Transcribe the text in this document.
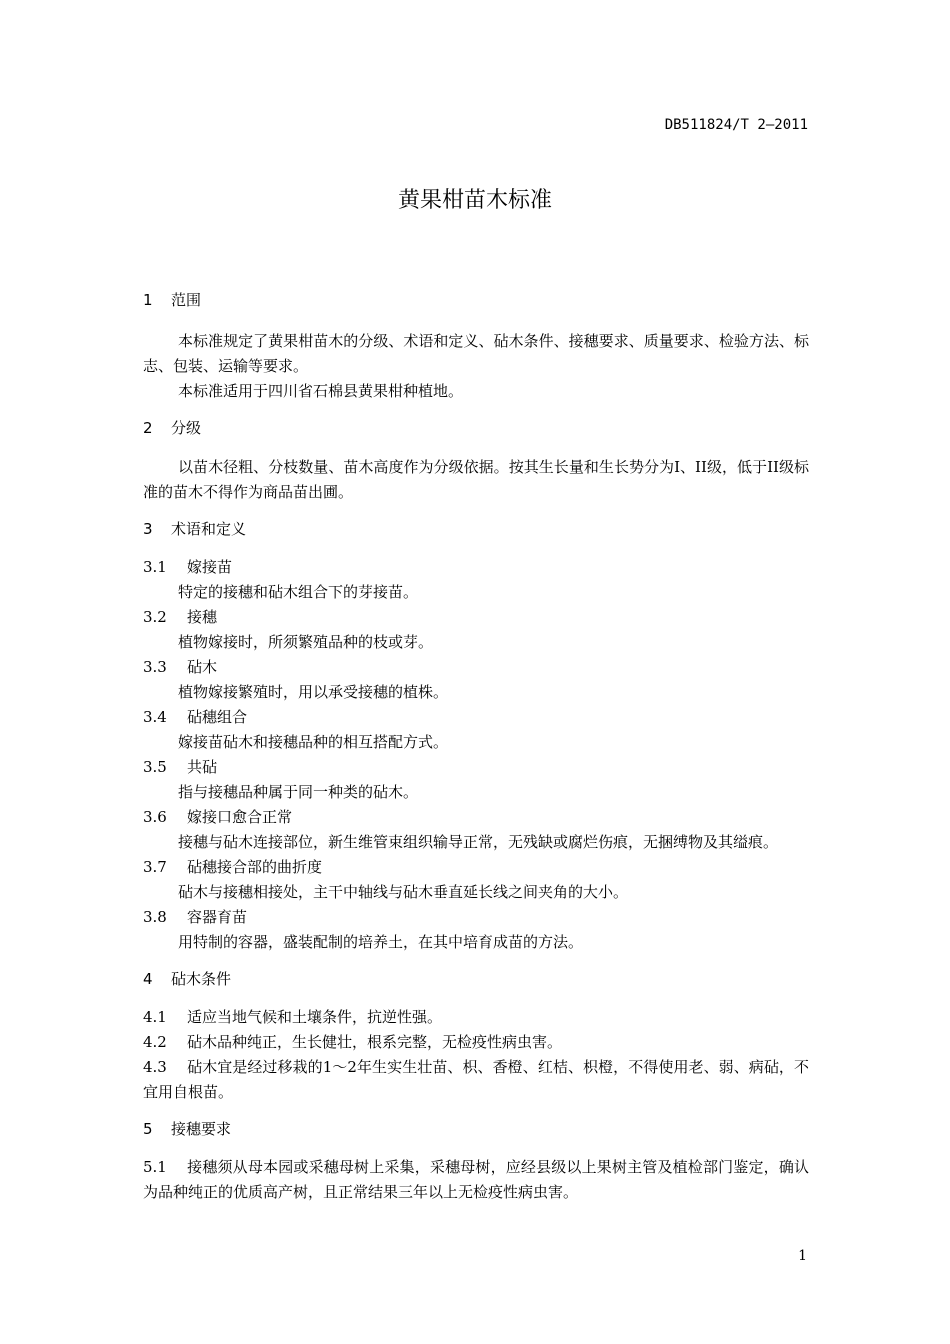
DB511824/T 2—2011
黄果柑苗木标准
1 范围

本标准规定了黄果柑苗木的分级、术语和定义、砧木条件、接穗要求、质量要求、检验方法、标志、包装、运输等要求。

本标准适用于四川省石棉县黄果柑种植地。

2 分级

以苗木径粗、分枝数量、苗木高度作为分级依据。按其生长量和生长势分为I、II级，低于II级标准的苗木不得作为商品苗出圃。

3 术语和定义
3.1 嫁接苗
特定的接穗和砧木组合下的芽接苗。
3.2 接穗
植物嫁接时，所须繁殖品种的枝或芽。
3.3 砧木
植物嫁接繁殖时，用以承受接穗的植株。
3.4 砧穗组合
嫁接苗砧木和接穗品种的相互搭配方式。
3.5 共砧
指与接穗品种属于同一种类的砧木。
3.6 嫁接口愈合正常
接穗与砧木连接部位，新生维管束组织输导正常，无残缺或腐烂伤痕，无捆缚物及其缢痕。
3.7 砧穗接合部的曲折度
砧木与接穗相接处，主干中轴线与砧木垂直延长线之间夹角的大小。
3.8 容器育苗
用特制的容器，盛装配制的培养土，在其中培育成苗的方法。
4 砧木条件

4.1 适应当地气候和土壤条件，抗逆性强。

4.2 砧木品种纯正，生长健壮，根系完整，无检疫性病虫害。

4.3 砧木宜是经过移栽的1～2年生实生壮苗、枳、香橙、红桔、枳橙，不得使用老、弱、病砧，不宜用自根苗。

5 接穗要求

5.1 接穗须从母本园或采穗母树上采集，采穗母树，应经县级以上果树主管及植检部门鉴定，确认为品种纯正的优质高产树，且正常结果三年以上无检疫性病虫害。

1
